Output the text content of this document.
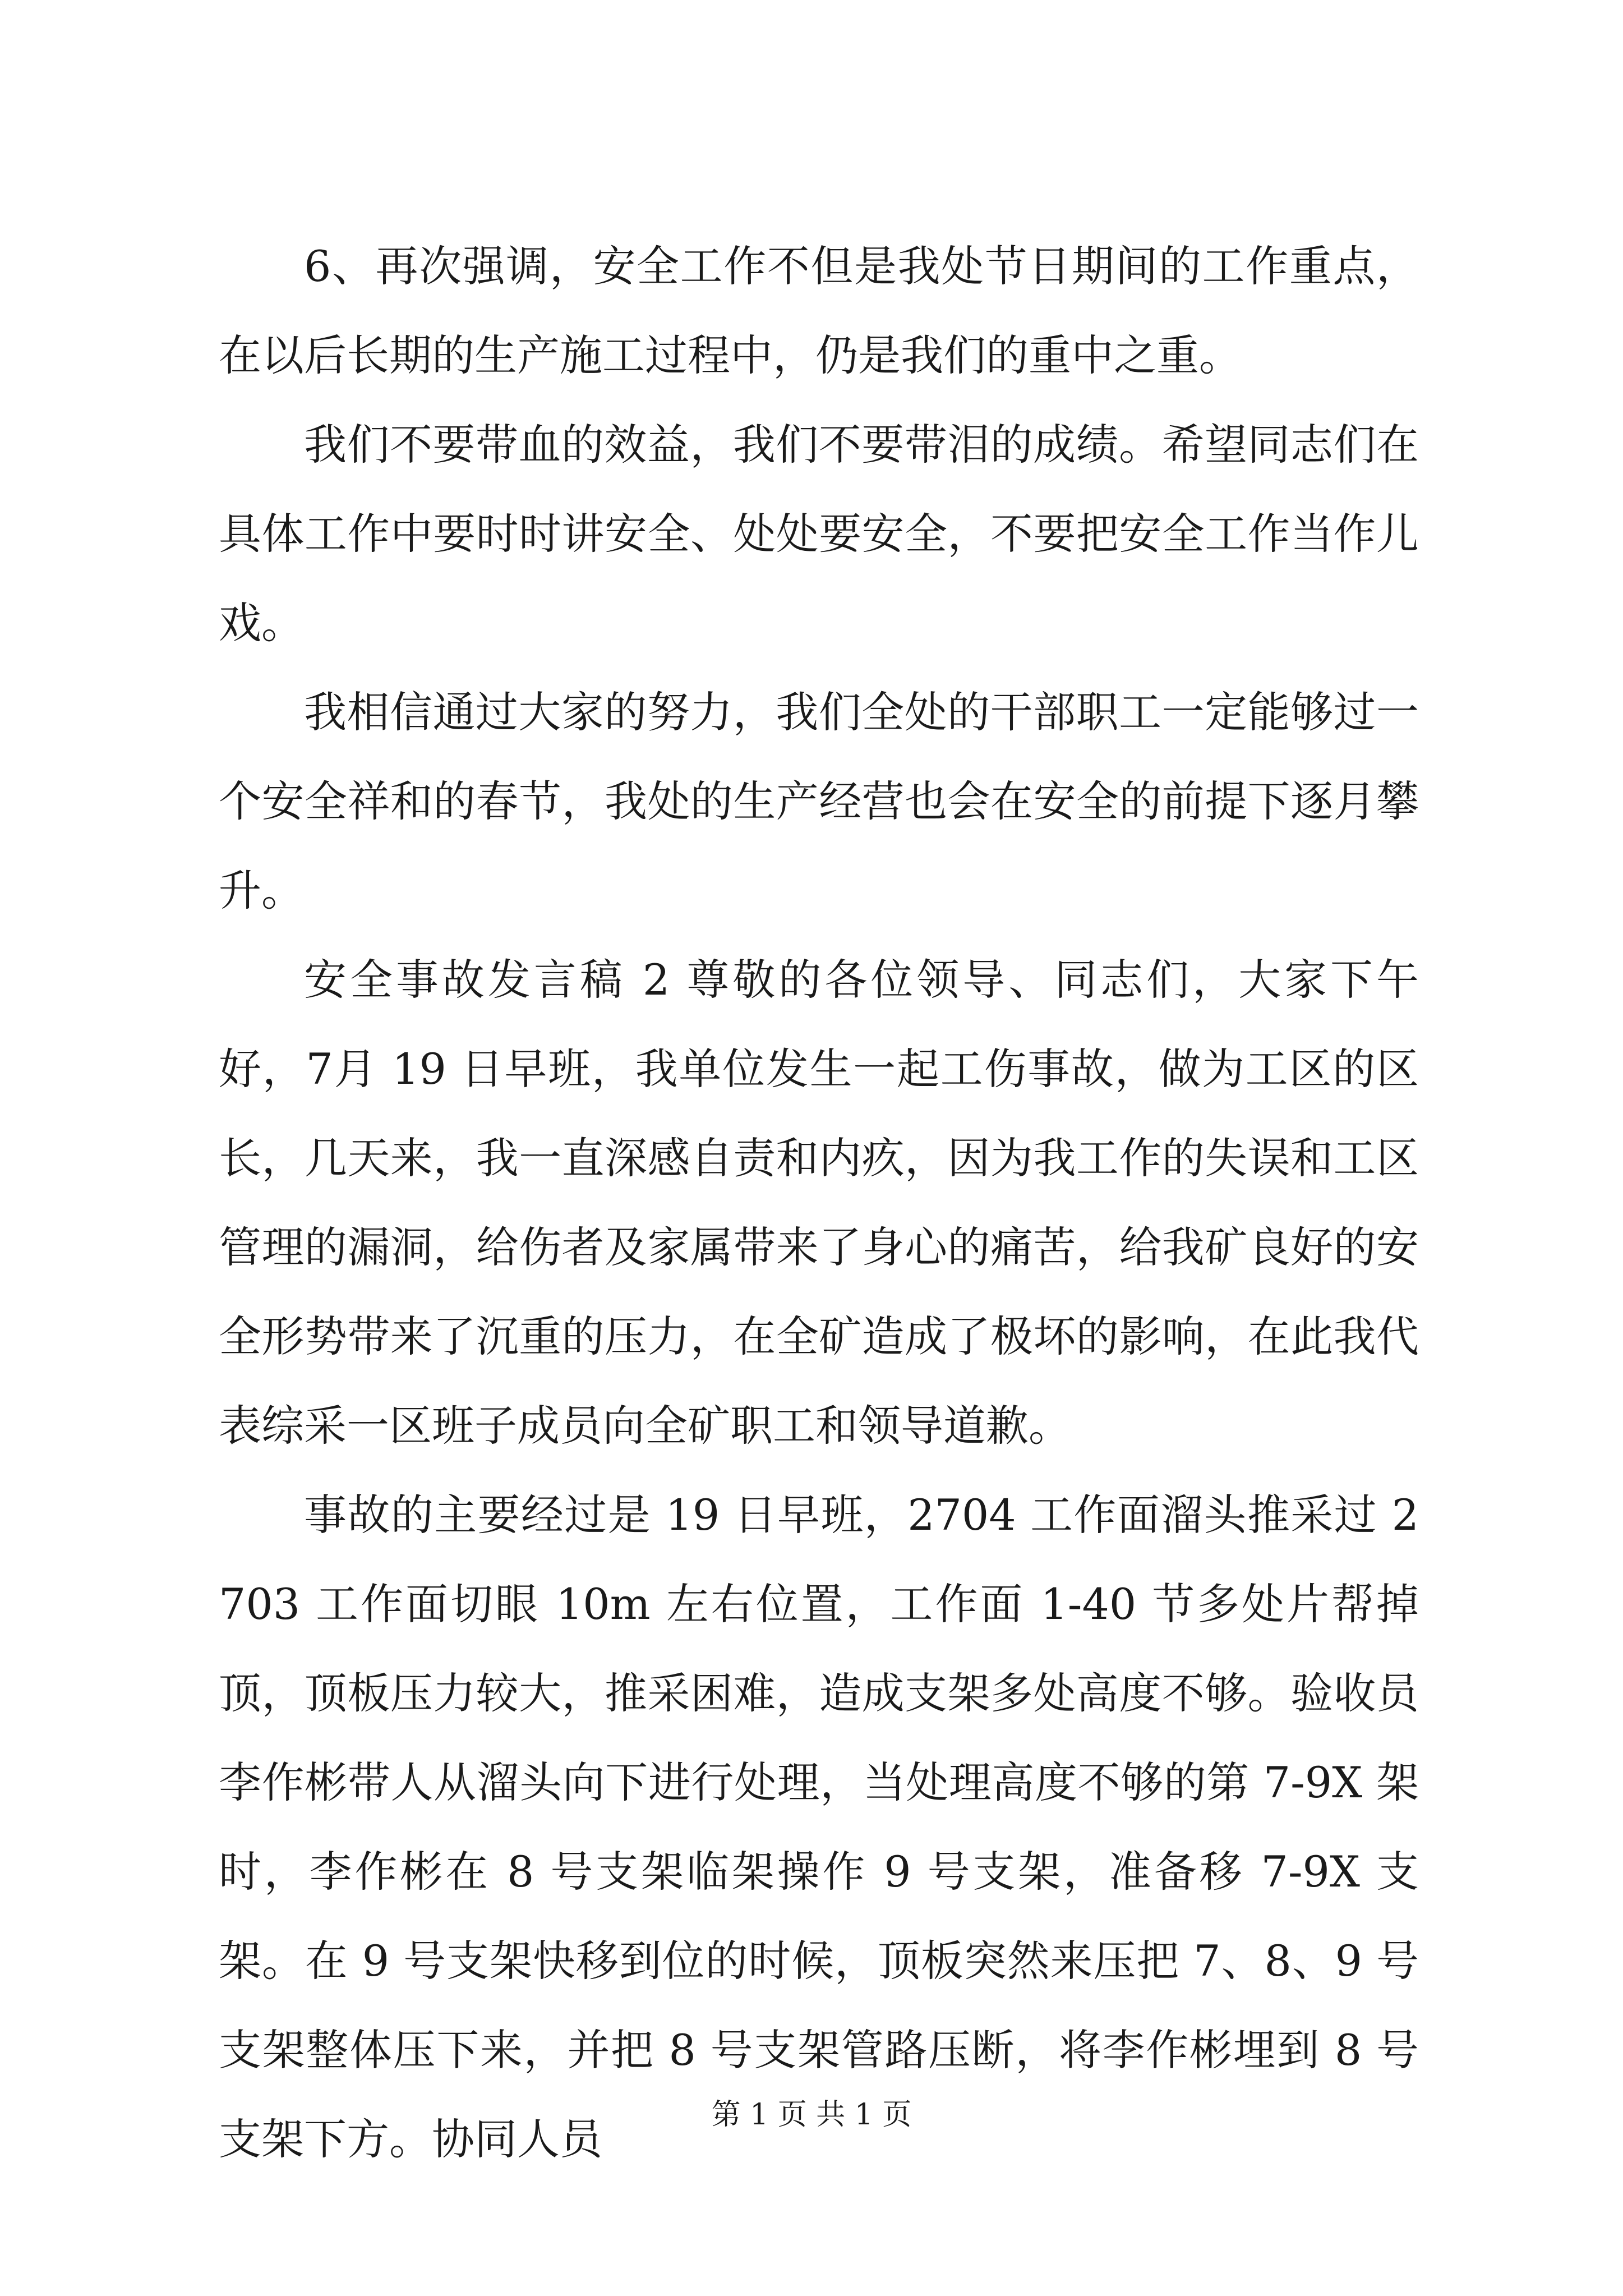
6、再次强调，安全工作不但是我处节日期间的工作重点，在以后长期的生产施工过程中，仍是我们的重中之重。

我们不要带血的效益，我们不要带泪的成绩。希望同志们在具体工作中要时时讲安全、处处要安全，不要把安全工作当作儿戏。

我相信通过大家的努力，我们全处的干部职工一定能够过一个安全祥和的春节，我处的生产经营也会在安全的前提下逐月攀升。

安全事故发言稿 2 尊敬的各位领导、同志们，大家下午好，7月 19 日早班，我单位发生一起工伤事故，做为工区的区长，几天来，我一直深感自责和内疚，因为我工作的失误和工区管理的漏洞，给伤者及家属带来了身心的痛苦，给我矿良好的安全形势带来了沉重的压力，在全矿造成了极坏的影响，在此我代表综采一区班子成员向全矿职工和领导道歉。

事故的主要经过是 19 日早班，2704 工作面溜头推采过 2703 工作面切眼 10m 左右位置，工作面 1-40 节多处片帮掉顶，顶板压力较大，推采困难，造成支架多处高度不够。验收员李作彬带人从溜头向下进行处理，当处理高度不够的第 7-9X 架时，李作彬在 8 号支架临架操作 9 号支架，准备移 7-9X 支架。在 9 号支架快移到位的时候，顶板突然来压把 7、8、9 号支架整体压下来，并把 8 号支架管路压断，将李作彬埋到 8 号支架下方。协同人员	第 1 页 共 1 页
